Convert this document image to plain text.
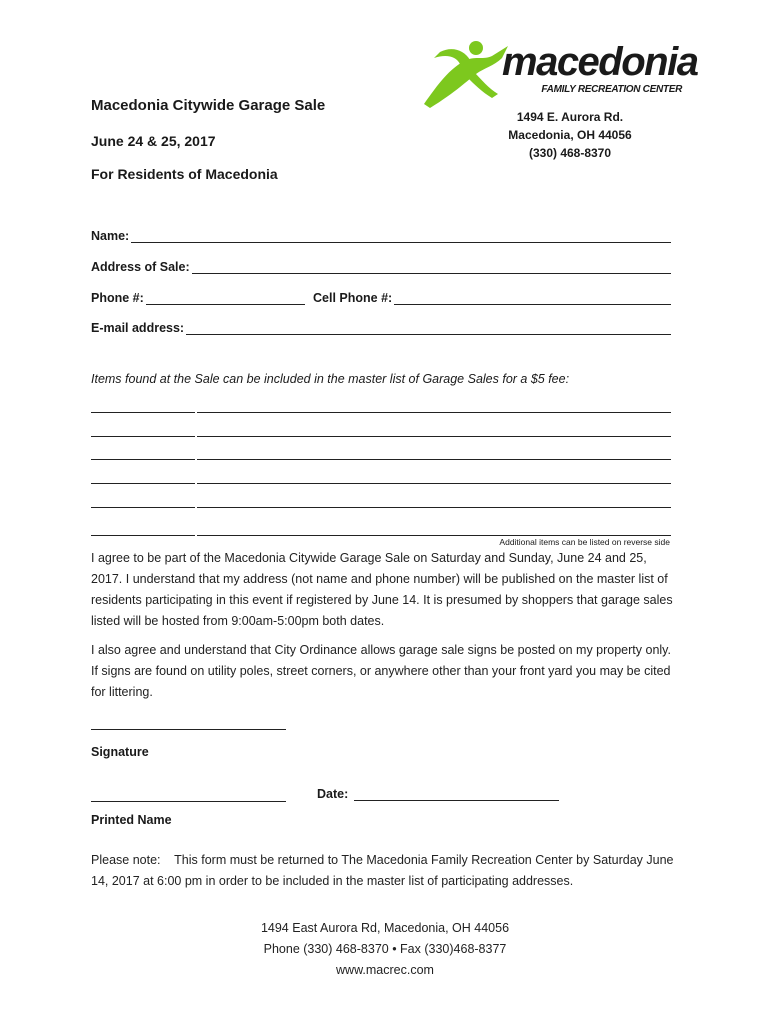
macedonia
FAMILY RECREATION CENTER
Macedonia Citywide Garage Sale
June 24 & 25, 2017
For Residents of Macedonia
1494 E. Aurora Rd.
Macedonia, OH 44056
(330) 468-8370
Name:
Address of Sale:
Phone #:	Cell Phone #:
E-mail address:
Items found at the Sale can be included in the master list of Garage Sales for a $5 fee:
Additional items can be listed on reverse side
I agree to be part of the Macedonia Citywide Garage Sale on Saturday and Sunday, June 24 and 25, 2017. I understand that my address (not name and phone number) will be published on the master list of residents participating in this event if registered by June 14. It is presumed by shoppers that garage sales listed will be hosted from 9:00am-5:00pm both dates.
I also agree and understand that City Ordinance allows garage sale signs be posted on my property only. If signs are found on utility poles, street corners, or anywhere other than your front yard you may be cited for littering.
Signature
Date:
Printed Name
Please note:    This form must be returned to The Macedonia Family Recreation Center by Saturday June 14, 2017 at 6:00 pm in order to be included in the master list of participating addresses.
1494 East Aurora Rd, Macedonia, OH 44056
Phone (330) 468-8370 • Fax (330)468-8377
www.macrec.com
